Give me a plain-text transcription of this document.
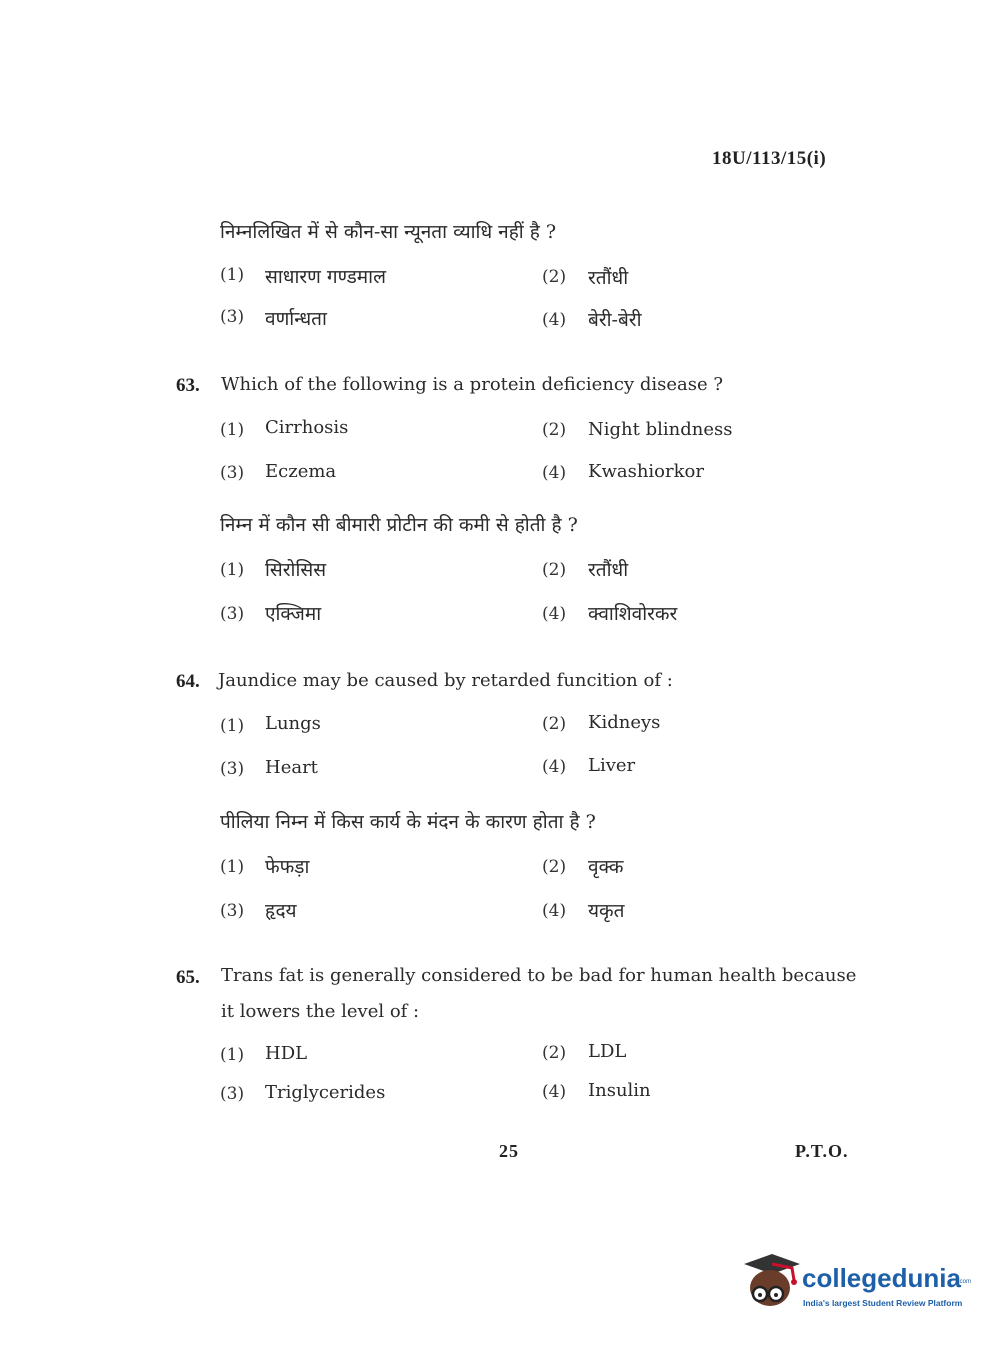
18U/113/15(i)
निम्नलिखित में से कौन-सा न्यूनता व्याधि नहीं है ?
(1) साधारण गण्डमाल	(2) रतौंधी
(3) वर्णान्धता	(4) बेरी-बेरी
63. Which of the following is a protein deficiency disease ?
(1) Cirrhosis	(2) Night blindness
(3) Eczema	(4) Kwashiorkor
निम्न में कौन सी बीमारी प्रोटीन की कमी से होती है ?
(1) सिरोसिस	(2) रतौंधी
(3) एक्जिमा	(4) क्वाशिवोरकर
64. Jaundice may be caused by retarded funcition of :
(1) Lungs	(2) Kidneys
(3) Heart	(4) Liver
पीलिया निम्न में किस कार्य के मंदन के कारण होता है ?
(1) फेफड़ा	(2) वृक्क
(3) हृदय	(4) यकृत
65. Trans fat is generally considered to be bad for human health because
it lowers the level of :
(1) HDL	(2) LDL
(3) Triglycerides	(4) Insulin
25	P.T.O.
collegedunia
.com
India's largest Student Review Platform
